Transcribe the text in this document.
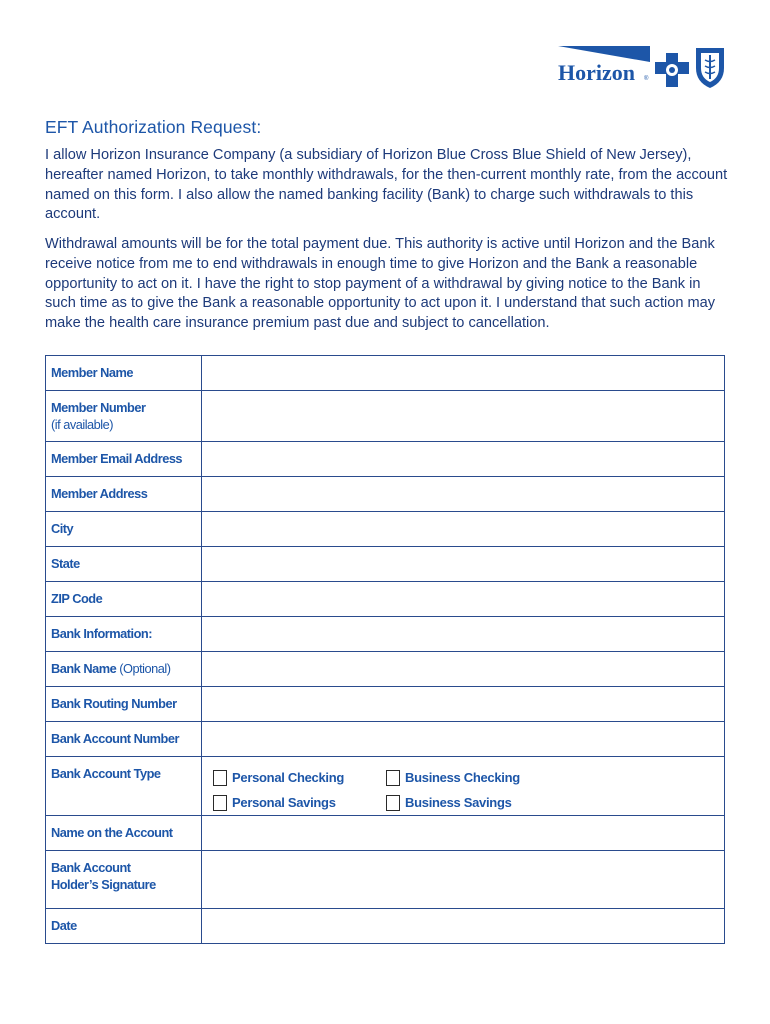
Horizon ®
EFT Authorization Request:

I allow Horizon Insurance Company (a subsidiary of Horizon Blue Cross Blue Shield of New Jersey), hereafter named Horizon, to take monthly withdrawals, for the then-current monthly rate, from the account named on this form. I also allow the named banking facility (Bank) to charge such withdrawals to this account.

Withdrawal amounts will be for the total payment due. This authority is active until Horizon and the Bank receive notice from me to end withdrawals in enough time to give Horizon and the Bank a reasonable opportunity to act on it. I have the right to stop payment of a withdrawal by giving notice to the Bank in such time as to give the Bank a reasonable opportunity to act upon it. I understand that such action may make the health care insurance premium past due and subject to cancellation.

Member Name	
Member Number
(if available)	

Member Email Address	
Member Address	
City	
State	
ZIP Code	
Bank Information:	
Bank Name (Optional)	
Bank Routing Number	
Bank Account Number	
Bank Account Type	Personal Checking Business Checking
Personal Savings Business Savings

Name on the Account	

Bank Account
Holder’s Signature	

Date	
